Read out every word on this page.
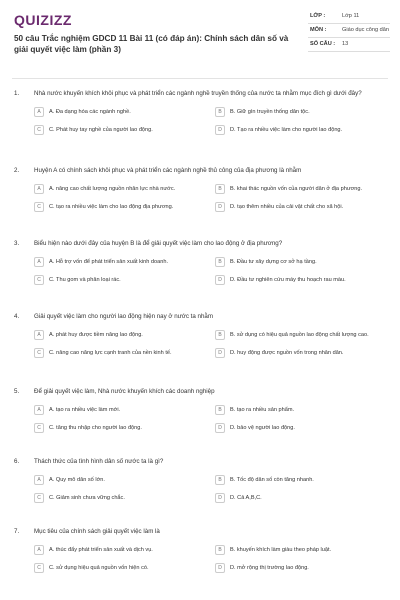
QUIZIZZ
50 câu Trắc nghiệm GDCD 11 Bài 11 (có đáp án): Chính sách dân số và giải quyết việc làm (phần 3)
LỚP :	Lớp 11
MÔN :	Giáo dục công dân
SỐ CÂU :	13
1.	Nhà nước khuyến khích khôi phục và phát triển các ngành nghề truyền thống của nước ta nhằm mục đích gì dưới đây?
A	A. Đa dạng hóa các ngành nghề.	B	B. Giữ gìn truyền thống dân tộc.
C	C. Phát huy tay nghề của người lao động.	D	D. Tạo ra nhiều việc làm cho người lao động.
2.	Huyện A có chính sách khôi phục và phát triển các ngành nghề thủ công của địa phương là nhằm
A	A. nâng cao chất lượng nguồn nhân lực nhà nước.	B	B. khai thác nguồn vốn của người dân ở địa phương.
C	C. tạo ra nhiều việc làm cho lao động địa phương.	D	D. tạo thêm nhiều của cải vật chất cho xã hội.
3.	Biểu hiện nào dưới đây của huyện B là để giải quyết việc làm cho lao động ở địa phương?
A	A. Hỗ trợ vốn để phát triển sản xuất kinh doanh.	B	B. Đầu tư xây dựng cơ sở hạ tầng.
C	C. Thu gom và phân loại rác.	D	D. Đầu tư nghiên cứu máy thu hoạch rau màu.
4.	Giải quyết việc làm cho người lao động hiện nay ở nước ta nhằm
A	A. phát huy được tiềm năng lao động.	B	B. sử dụng có hiệu quả nguồn lao động chất lượng cao.
C	C. nâng cao năng lực cạnh tranh của nền kinh tế.	D	D. huy động được nguồn vốn trong nhân dân.
5.	Để giải quyết việc làm, Nhà nước khuyến khích các doanh nghiệp
A	A. tạo ra nhiều việc làm mới.	B	B. tạo ra nhiều sản phẩm.
C	C. tăng thu nhập cho người lao động.	D	D. bảo vệ người lao động.
6.	Thách thức của tình hình dân số nước ta là gì?
A	A. Quy mô dân số lớn.	B	B. Tốc độ dân số còn tăng nhanh.
C	C. Giảm sinh chưa vững chắc.	D	D. Cả A,B,C.
7.	Mục tiêu của chính sách giải quyết việc làm là
A	A. thúc đẩy phát triển sản xuất và dịch vụ.	B	B. khuyến khích làm giàu theo pháp luật.
C	C. sử dụng hiệu quả nguồn vốn hiện có.	D	D. mở rộng thị trường lao động.
